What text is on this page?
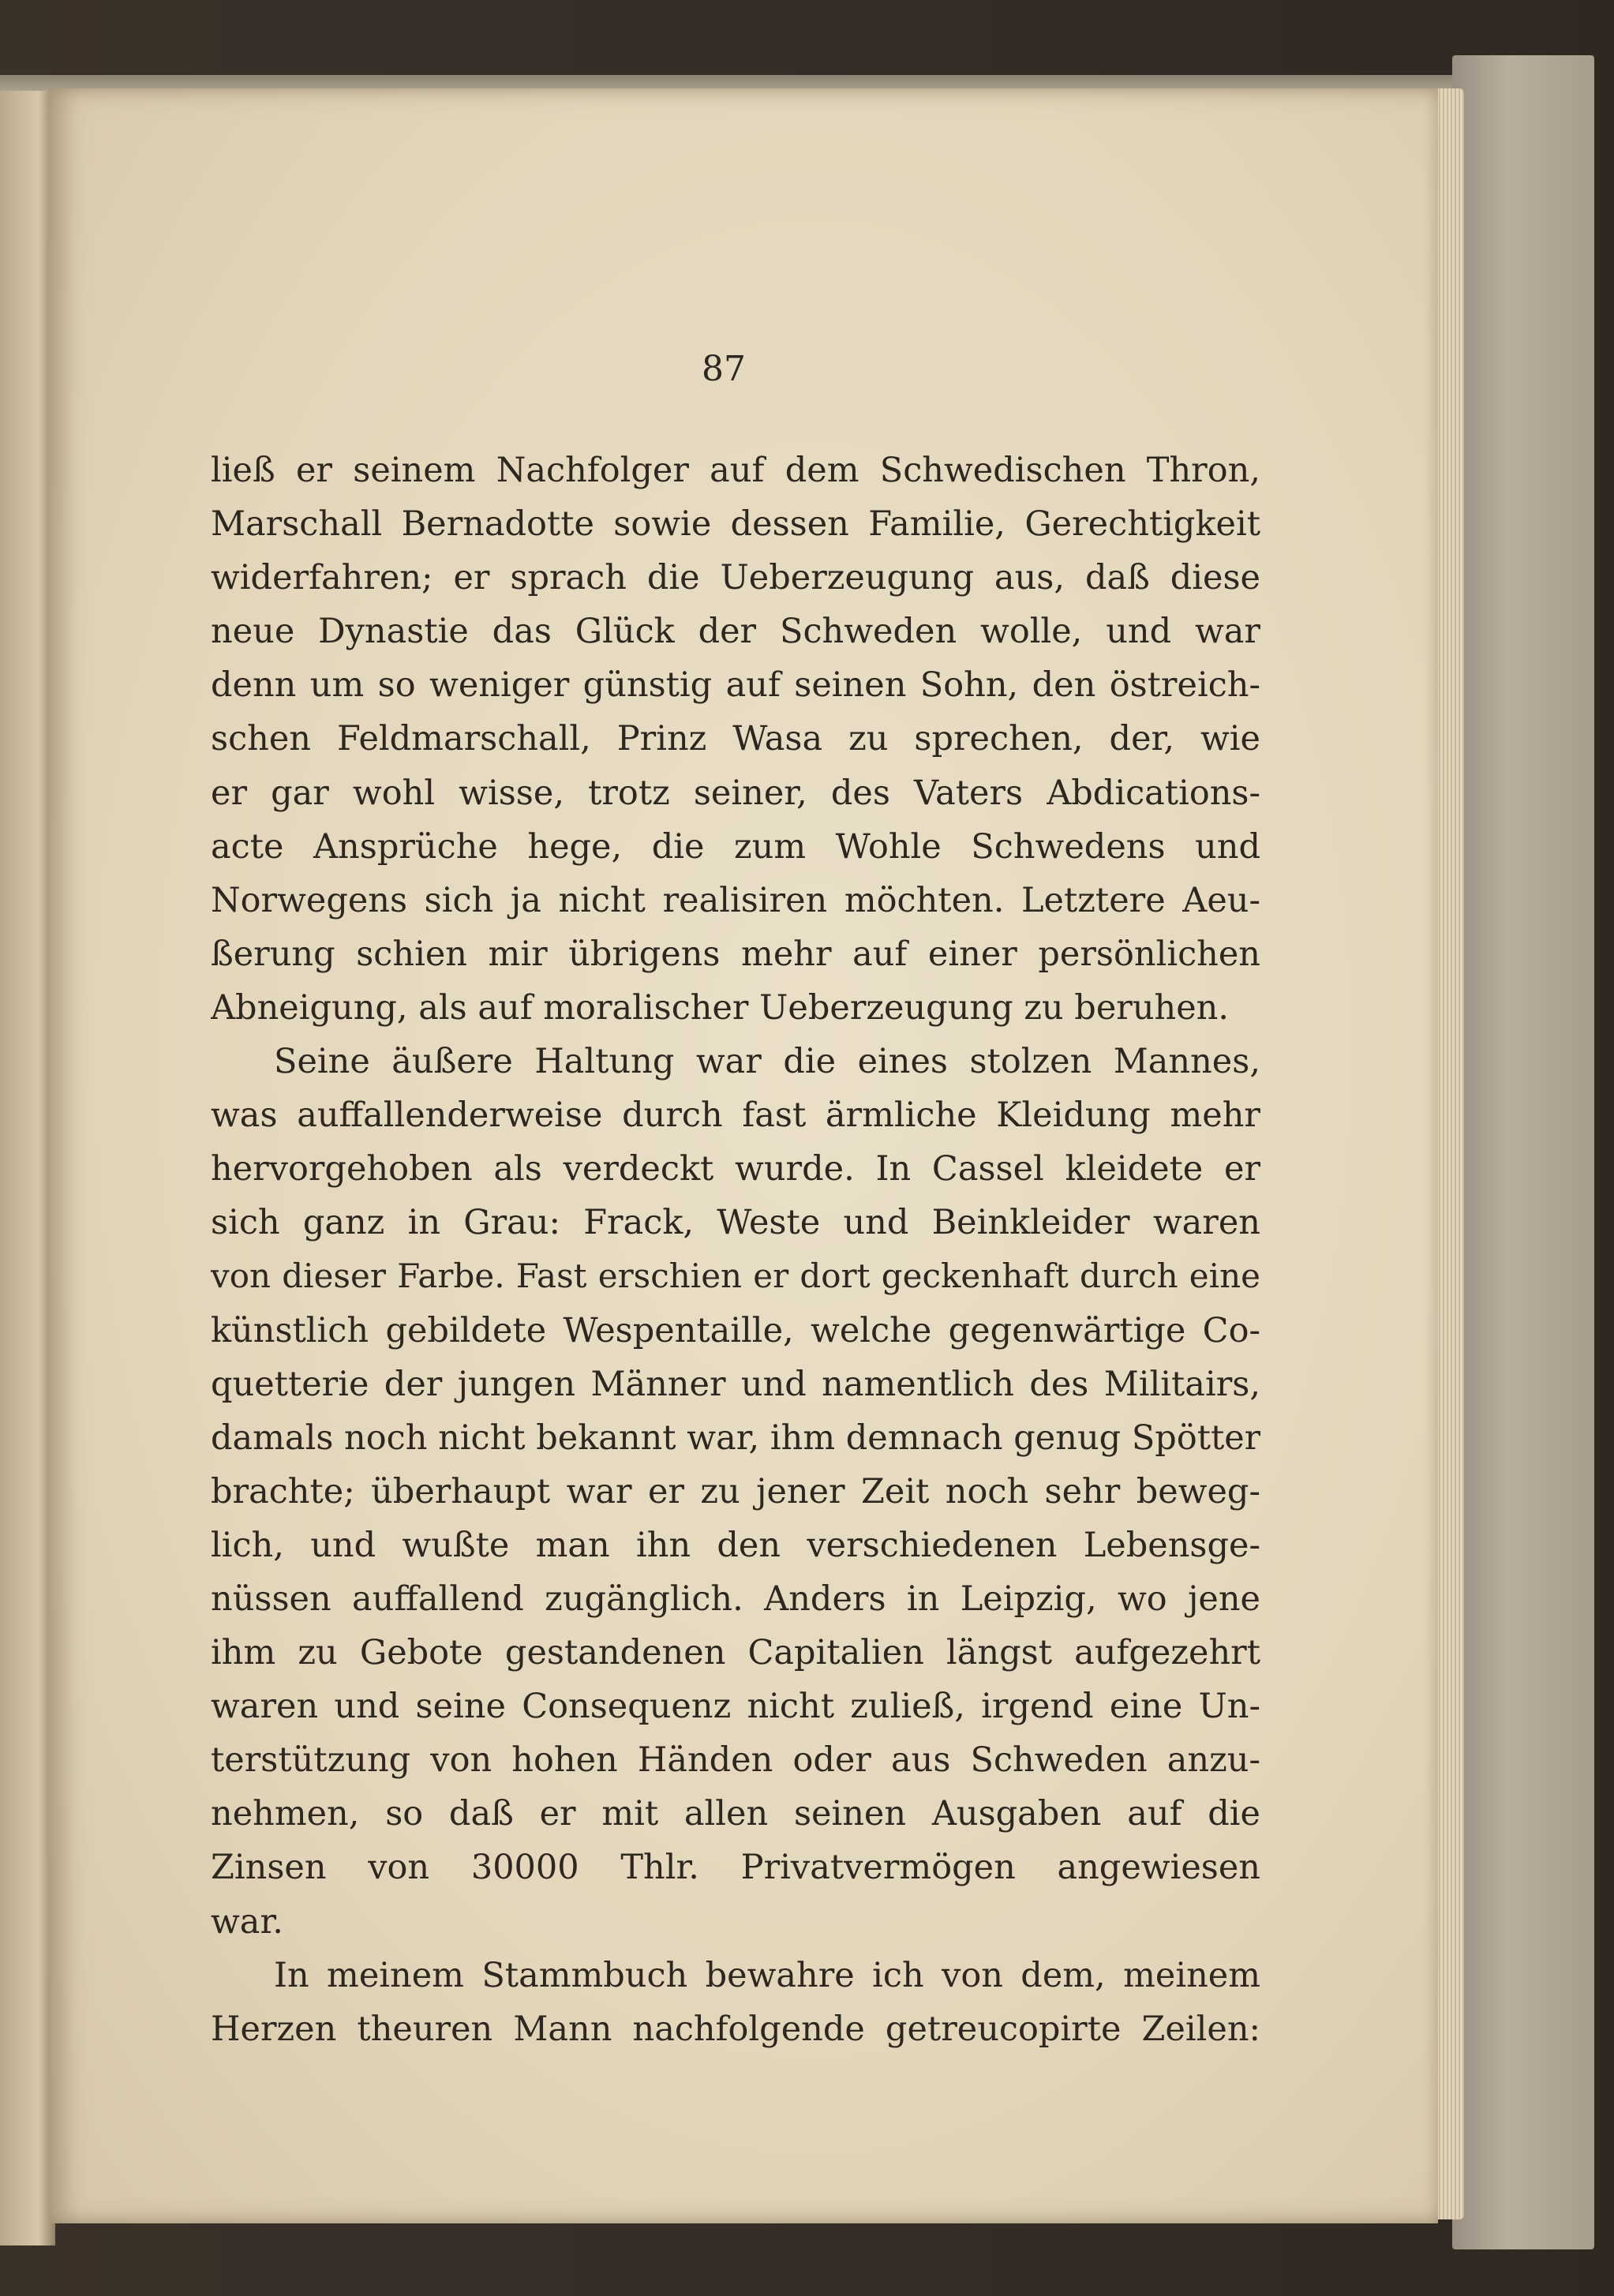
87
ließ er seinem Nachfolger auf dem Schwedischen Thron,
Marschall Bernadotte sowie dessen Familie, Gerechtigkeit
widerfahren; er sprach die Ueberzeugung aus, daß diese
neue Dynastie das Glück der Schweden wolle, und war
denn um so weniger günstig auf seinen Sohn, den östreich-
schen Feldmarschall, Prinz Wasa zu sprechen, der, wie
er gar wohl wisse, trotz seiner, des Vaters Abdications-
acte Ansprüche hege, die zum Wohle Schwedens und
Norwegens sich ja nicht realisiren möchten. Letztere Aeu-
ßerung schien mir übrigens mehr auf einer persönlichen
Abneigung, als auf moralischer Ueberzeugung zu beruhen.
Seine äußere Haltung war die eines stolzen Mannes,
was auffallenderweise durch fast ärmliche Kleidung mehr
hervorgehoben als verdeckt wurde. In Cassel kleidete er
sich ganz in Grau: Frack, Weste und Beinkleider waren
von dieser Farbe. Fast erschien er dort geckenhaft durch eine
künstlich gebildete Wespentaille, welche gegenwärtige Co-
quetterie der jungen Männer und namentlich des Militairs,
damals noch nicht bekannt war, ihm demnach genug Spötter
brachte; überhaupt war er zu jener Zeit noch sehr beweg-
lich, und wußte man ihn den verschiedenen Lebensge-
nüssen auffallend zugänglich. Anders in Leipzig, wo jene
ihm zu Gebote gestandenen Capitalien längst aufgezehrt
waren und seine Consequenz nicht zuließ, irgend eine Un-
terstützung von hohen Händen oder aus Schweden anzu-
nehmen, so daß er mit allen seinen Ausgaben auf die
Zinsen von 30000 Thlr. Privatvermögen angewiesen
war.
In meinem Stammbuch bewahre ich von dem, meinem
Herzen theuren Mann nachfolgende getreucopirte Zeilen:
